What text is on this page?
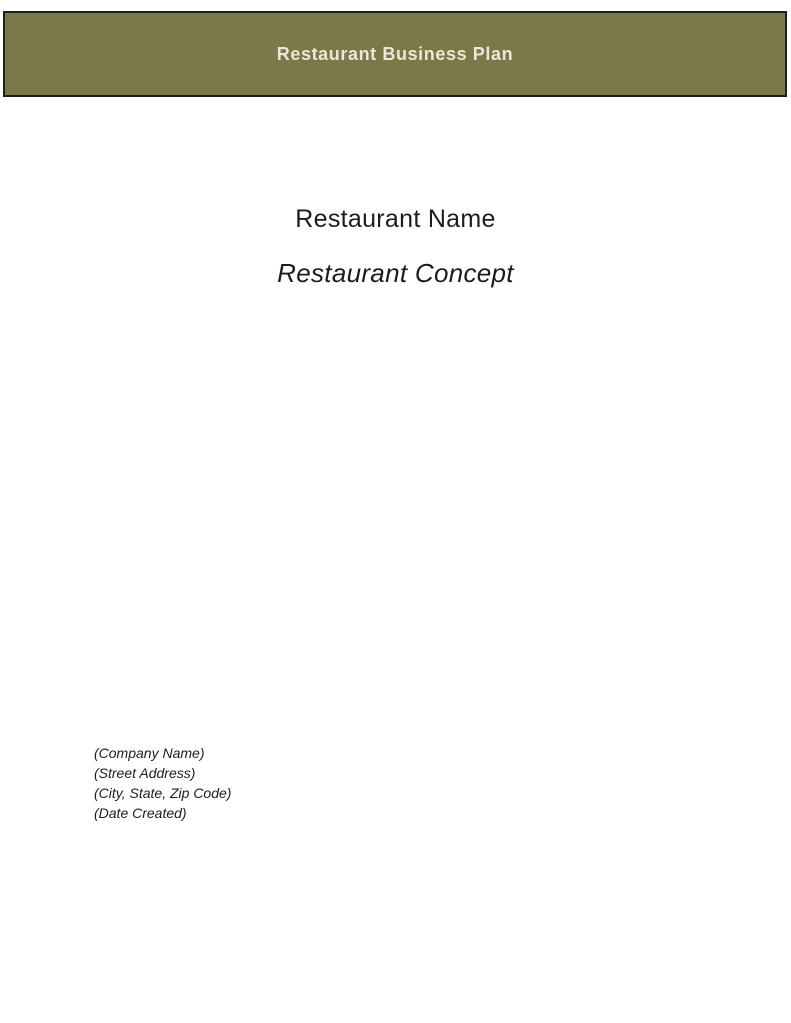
Restaurant Business Plan
Restaurant Name
Restaurant Concept
(Company Name)
(Street Address)
(City, State, Zip Code)
(Date Created)
